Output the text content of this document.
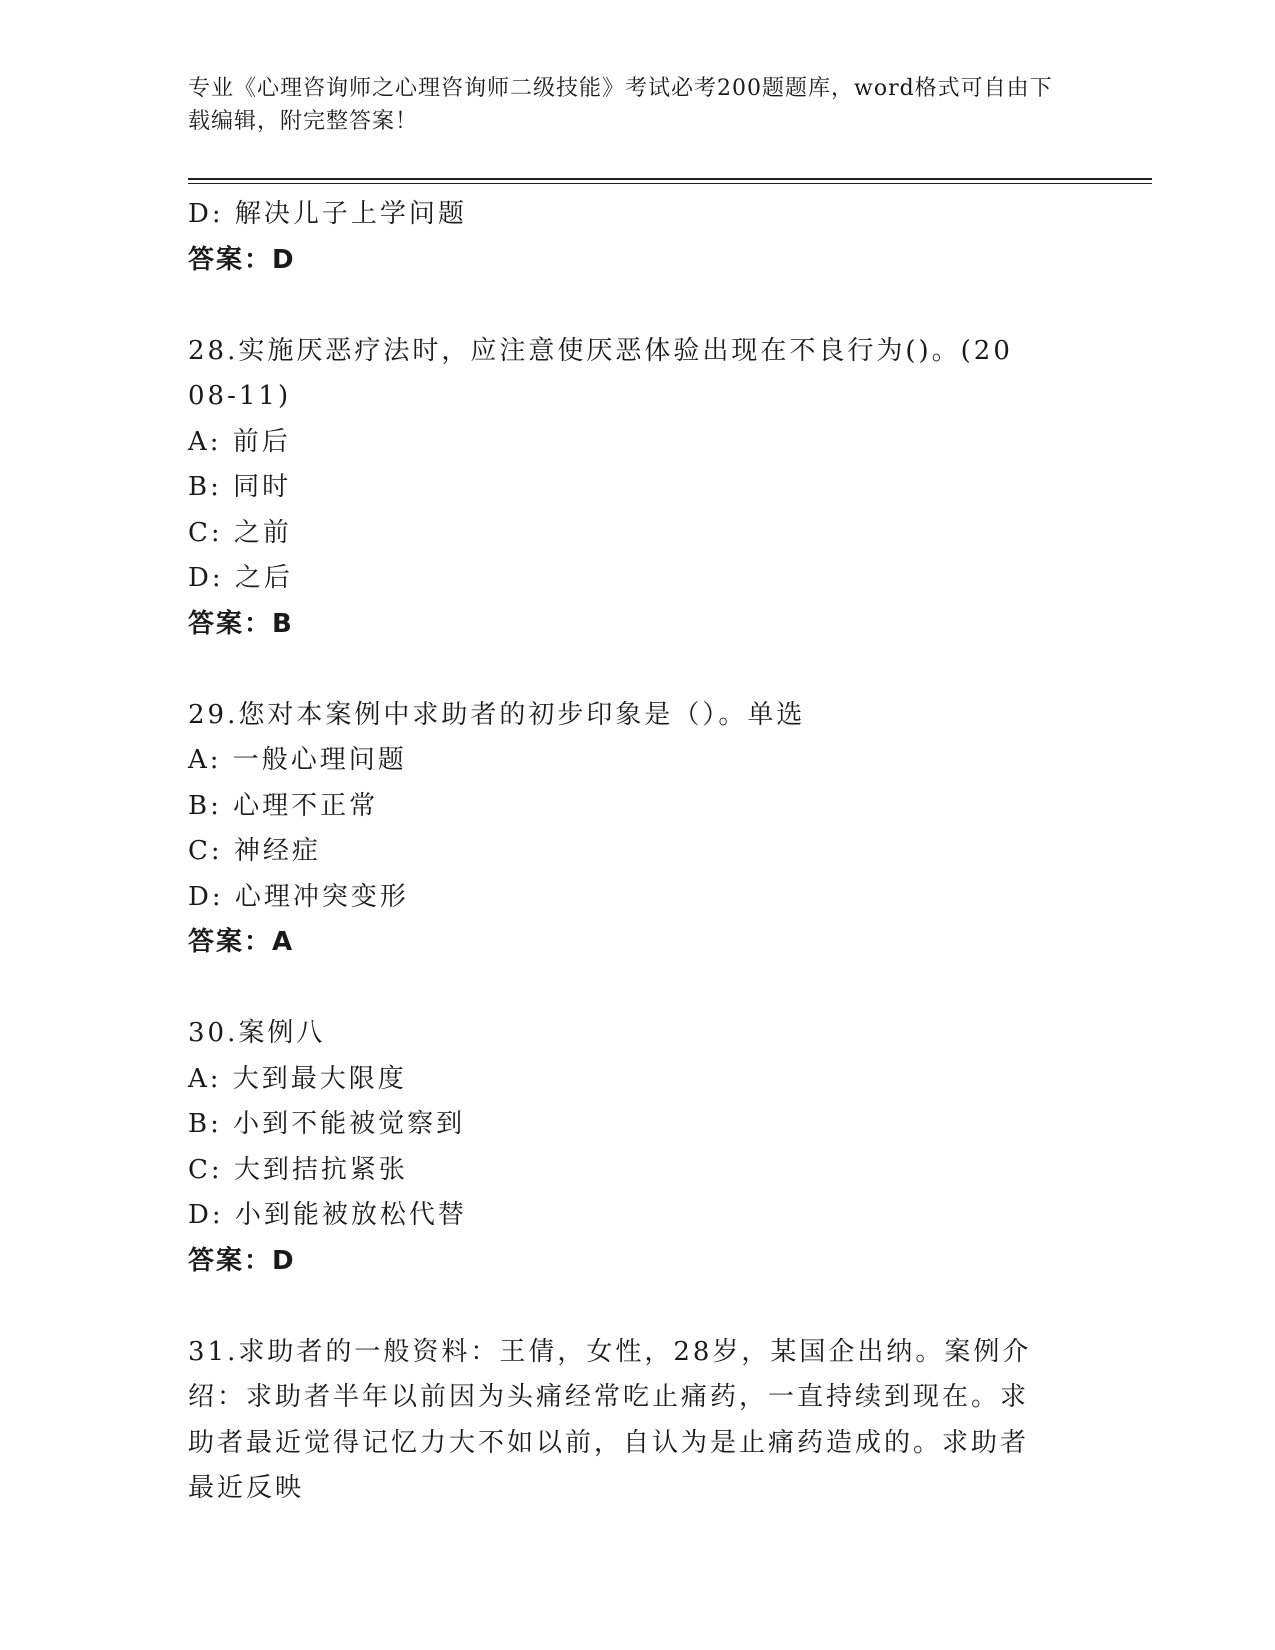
专业《心理咨询师之心理咨询师二级技能》考试必考200题题库，word格式可自由下载编辑，附完整答案！
D: 解决儿子上学问题
答案：D
28.实施厌恶疗法时，应注意使厌恶体验出现在不良行为()。(2008-11)
A: 前后
B: 同时
C: 之前
D: 之后
答案：B
29.您对本案例中求助者的初步印象是（）。单选
A: 一般心理问题
B: 心理不正常
C: 神经症
D: 心理冲突变形
答案：A
30.案例八
A: 大到最大限度
B: 小到不能被觉察到
C: 大到拮抗紧张
D: 小到能被放松代替
答案：D
31.求助者的一般资料：王倩，女性，28岁，某国企出纳。案例介绍：求助者半年以前因为头痛经常吃止痛药，一直持续到现在。求助者最近觉得记忆力大不如以前，自认为是止痛药造成的。求助者最近反映
